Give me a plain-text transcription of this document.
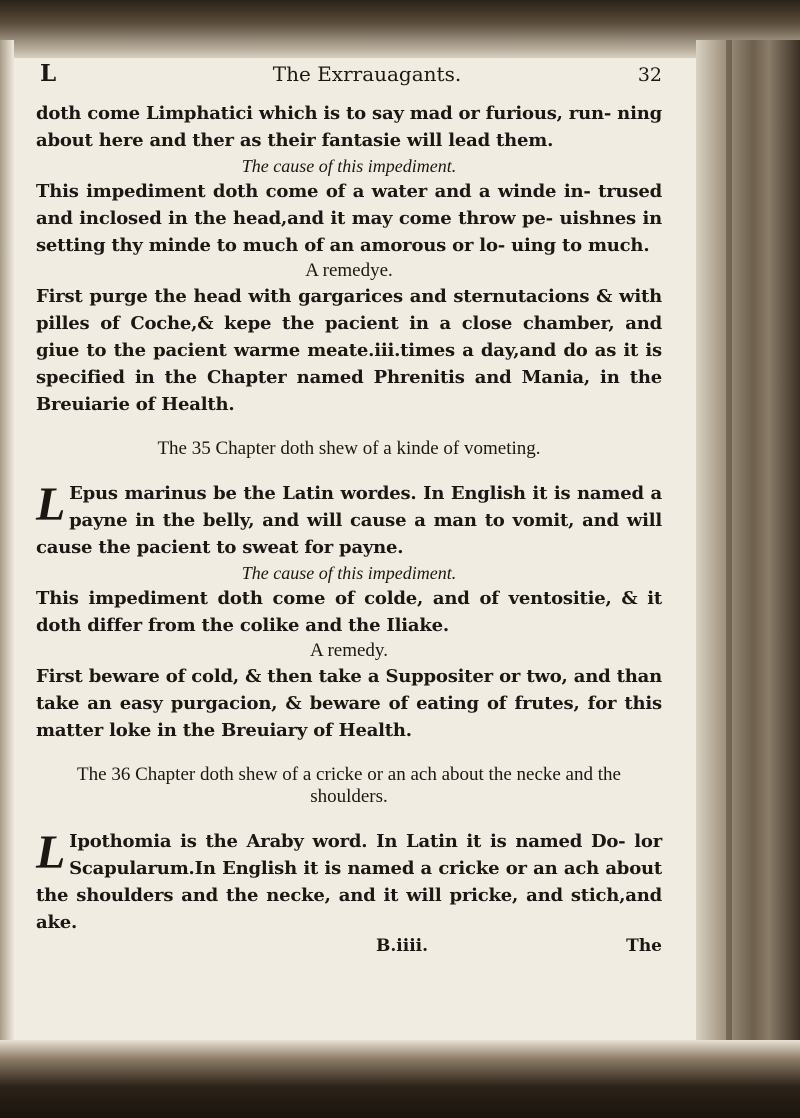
L	The Exrrauagants.	32

doth come Limphatici which is to say mad or furious, run- ning about here and ther as their fantasie will lead them.

The cause of this impediment.

This impediment doth come of a water and a winde in- trused and inclosed in the head,and it may come throw pe- uishnes in setting thy minde to much of an amorous or lo- uing to much.

A remedye.

First purge the head with gargarices and sternutacions & with pilles of Coche,& kepe the pacient in a close chamber, and giue to the pacient warme meate.iii.times a day,and do as it is specified in the Chapter named Phrenitis and Mania, in the Breuiarie of Health.

The 35 Chapter doth shew of a kinde of vometing.

L Epus marinus be the Latin wordes. In English it is named a payne in the belly, and will cause a man to vomit, and will cause the pacient to sweat for payne.

The cause of this impediment.

This impediment doth come of colde, and of ventositie, & it doth differ from the colike and the Iliake.

A remedy.

First beware of cold, & then take a Suppositer or two, and than take an easy purgacion, & beware of eating of frutes, for this matter loke in the Breuiary of Health.

The 36 Chapter doth shew of a cricke or an ach about the necke and the shoulders.

L Ipothomia is the Araby word. In Latin it is named Do- lor Scapularum.In English it is named a cricke or an ach about the shoulders and the necke, and it will pricke, and stich,and ake.

B.iiii.	The
